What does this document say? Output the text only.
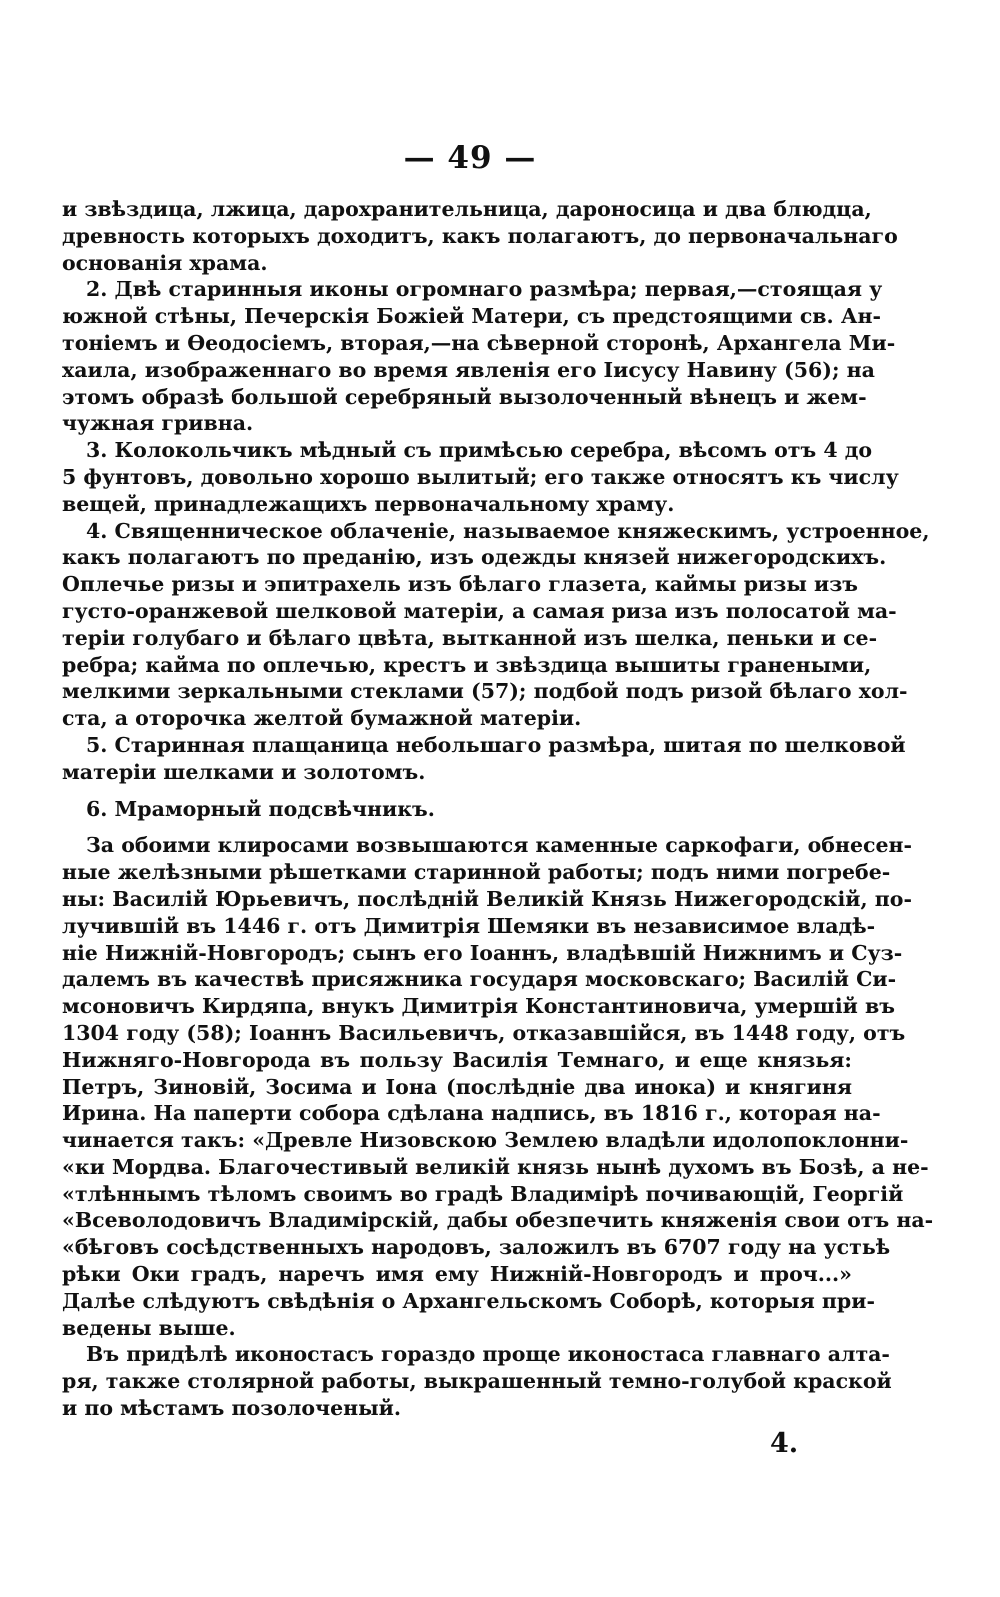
— 49 —
и звѣздица, лжица, дарохранительница, дароносица и два блюдца,
древность которыхъ доходитъ, какъ полагаютъ, до первоначальнаго
основанія храма.
2. Двѣ старинныя иконы огромнаго размѣра; первая,—стоящая у
южной стѣны, Печерскія Божіей Матери, съ предстоящими св. Ан-
тоніемъ и Ѳеодосіемъ, вторая,—на сѣверной сторонѣ, Архангела Ми-
хаила, изображеннаго во время явленія его Іисусу Навину (56); на
этомъ образѣ большой серебряный вызолоченный вѣнецъ и жем-
чужная гривна.
3. Колокольчикъ мѣдный съ примѣсью серебра, вѣсомъ отъ 4 до
5 фунтовъ, довольно хорошо вылитый; его также относятъ къ числу
вещей, принадлежащихъ первоначальному храму.
4. Священническое облаченіе, называемое княжескимъ, устроенное,
какъ полагаютъ по преданію, изъ одежды князей нижегородскихъ.
Оплечье ризы и эпитрахель изъ бѣлаго глазета, каймы ризы изъ
густо-оранжевой шелковой матеріи, а самая риза изъ полосатой ма-
теріи голубаго и бѣлаго цвѣта, вытканной изъ шелка, пеньки и се-
ребра; кайма по оплечью, крестъ и звѣздица вышиты гранеными,
мелкими зеркальными стеклами (57); подбой подъ ризой бѣлаго хол-
ста, а оторочка желтой бумажной матеріи.
5. Старинная плащаница небольшаго размѣра, шитая по шелковой
матеріи шелками и золотомъ.
6. Мраморный подсвѣчникъ.
За обоими клиросами возвышаются каменные саркофаги, обнесен-
ные желѣзными рѣшетками старинной работы; подъ ними погребе-
ны: Василій Юрьевичъ, послѣдній Великій Князь Нижегородскій, по-
лучившій въ 1446 г. отъ Димитрія Шемяки въ независимое владѣ-
ніе Нижній-Новгородъ; сынъ его Іоаннъ, владѣвшій Нижнимъ и Суз-
далемъ въ качествѣ присяжника государя московскаго; Василій Си-
мсоновичъ Кирдяпа, внукъ Димитрія Константиновича, умершій въ
1304 году (58); Іоаннъ Васильевичъ, отказавшійся, въ 1448 году, отъ
Нижняго-Новгорода въ пользу Василія Темнаго, и еще князья:
Петръ, Зиновій, Зосима и Іона (послѣдніе два инока) и княгиня
Ирина. На паперти собора сдѣлана надпись, въ 1816 г., которая на-
чинается такъ: «Древле Низовскою Землею владѣли идолопоклонни-
«ки Мордва. Благочестивый великій князь нынѣ духомъ въ Бозѣ, а не-
«тлѣннымъ тѣломъ своимъ во градѣ Владимірѣ почивающій, Георгій
«Всеволодовичъ Владимірскій, дабы обезпечить княженія свои отъ на-
«бѣговъ сосѣдственныхъ народовъ, заложилъ въ 6707 году на устьѣ
рѣки Оки градъ, наречъ имя ему Нижній-Новгородъ и проч...»
Далѣе слѣдуютъ свѣдѣнія о Архангельскомъ Соборѣ, которыя при-
ведены выше.
Въ придѣлѣ иконостасъ гораздо проще иконостаса главнаго алта-
ря, также столярной работы, выкрашенный темно-голубой краской
и по мѣстамъ позолоченый.
4.
